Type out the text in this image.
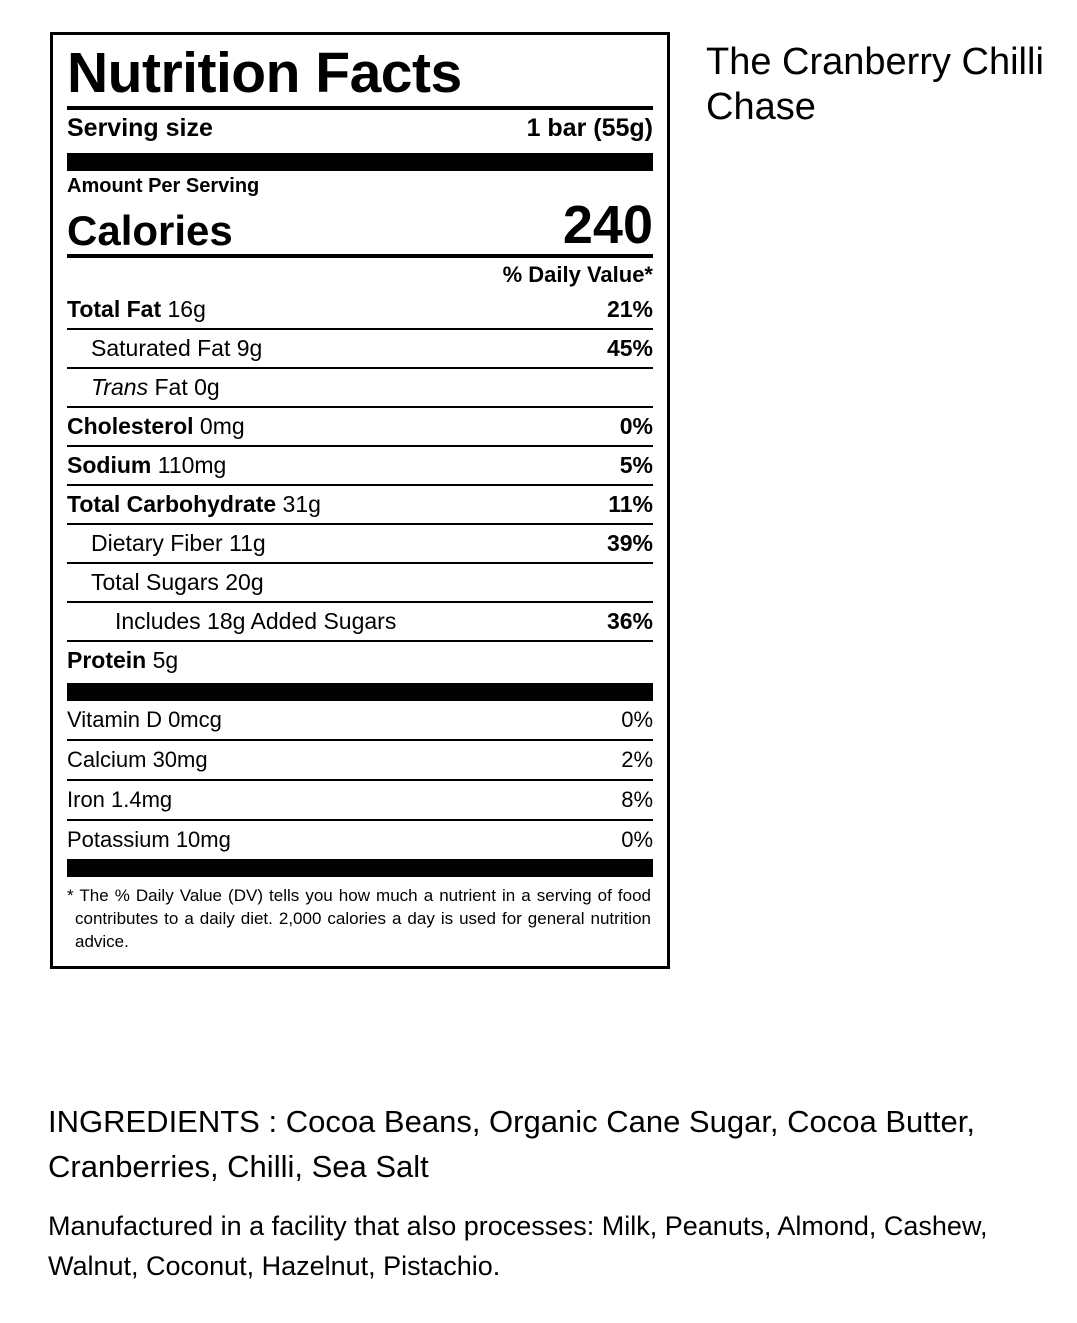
Nutrition Facts
Serving size	1 bar (55g)
Amount Per Serving
Calories	240
% Daily Value*
Total Fat 16g	21%
Saturated Fat 9g	45%
Trans Fat 0g
Cholesterol 0mg	0%
Sodium 110mg	5%
Total Carbohydrate 31g	11%
Dietary Fiber 11g	39%
Total Sugars 20g
Includes 18g Added Sugars	36%
Protein 5g
Vitamin D 0mcg	0%
Calcium 30mg	2%
Iron 1.4mg	8%
Potassium 10mg	0%
* The % Daily Value (DV) tells you how much a nutrient in a serving of food contributes to a daily diet. 2,000 calories a day is used for general nutrition advice.
The Cranberry Chilli Chase

INGREDIENTS : Cocoa Beans, Organic Cane Sugar, Cocoa Butter, Cranberries, Chilli, Sea Salt

Manufactured in a facility that also processes: Milk, Peanuts, Almond, Cashew, Walnut, Coconut, Hazelnut, Pistachio.
